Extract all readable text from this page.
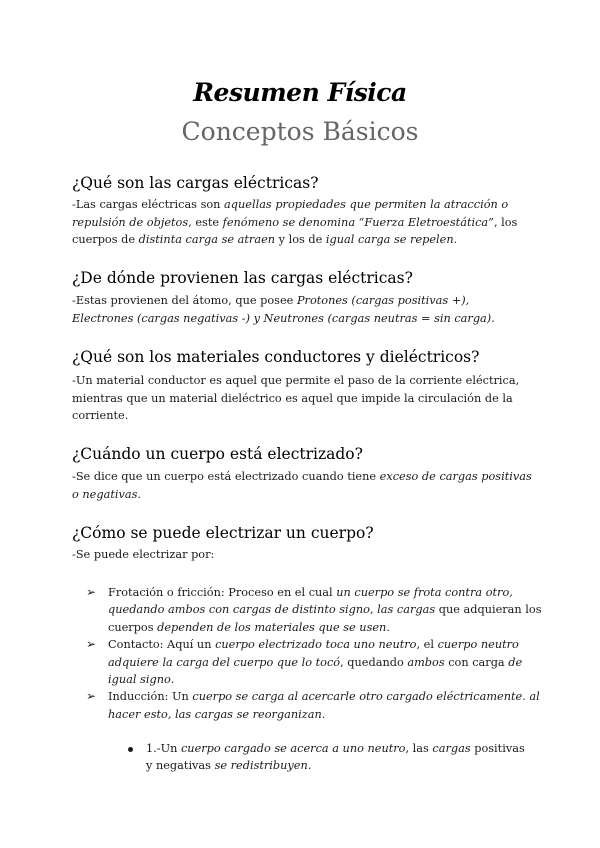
Resumen Física
Conceptos Básicos
¿Qué son las cargas eléctricas?

-Las cargas eléctricas son aquellas propiedades que permiten la atracción o repulsión de objetos, este fenómeno se denomina “Fuerza Eletroestática”, los cuerpos de distinta carga se atraen y los de igual carga se repelen.

¿De dónde provienen las cargas eléctricas?

-Estas provienen del átomo, que posee Protones (cargas positivas +), Electrones (cargas negativas -) y Neutrones (cargas neutras = sin carga).

¿Qué son los materiales conductores y dieléctricos?

-Un material conductor es aquel que permite el paso de la corriente eléctrica, mientras que un material dieléctrico es aquel que impide la circulación de la corriente.

¿Cuándo un cuerpo está electrizado?

-Se dice que un cuerpo está electrizado cuando tiene exceso de cargas positivas o negativas.

¿Cómo se puede electrizar un cuerpo?

-Se puede electrizar por:

➢ Frotación o fricción: Proceso en el cual un cuerpo se frota contra otro, quedando ambos con cargas de distinto signo, las cargas que adquieran los cuerpos dependen de los materiales que se usen.
➢ Contacto: Aquí un cuerpo electrizado toca uno neutro, el cuerpo neutro adquiere la carga del cuerpo que lo tocó, quedando ambos con carga de igual signo.
➢ Inducción: Un cuerpo se carga al acercarle otro cargado eléctricamente. al hacer esto, las cargas se reorganizan.
1.-Un cuerpo cargado se acerca a uno neutro, las cargas positivas y negativas se redistribuyen.
